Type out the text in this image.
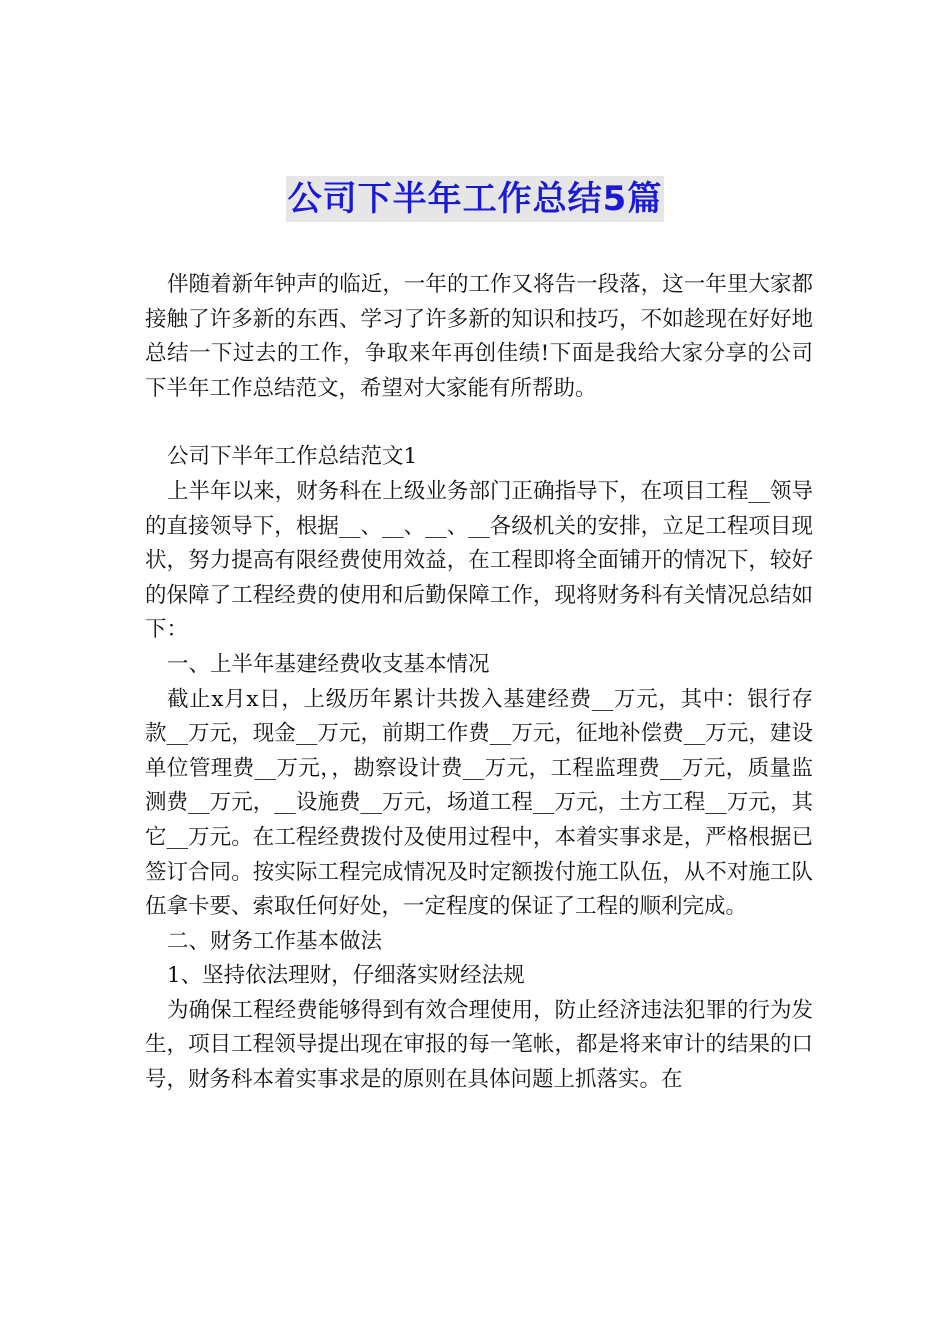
公司下半年工作总结5篇

伴随着新年钟声的临近，一年的工作又将告一段落，这一年里大家都接触了许多新的东西、学习了许多新的知识和技巧，不如趁现在好好地总结一下过去的工作，争取来年再创佳绩!下面是我给大家分享的公司下半年工作总结范文，希望对大家能有所帮助。

公司下半年工作总结范文1

上半年以来，财务科在上级业务部门正确指导下，在项目工程__领导的直接领导下，根据__、__、__、__各级机关的安排，立足工程项目现状，努力提高有限经费使用效益，在工程即将全面铺开的情况下，较好的保障了工程经费的使用和后勤保障工作，现将财务科有关情况总结如下：

一、上半年基建经费收支基本情况

截止x月x日，上级历年累计共拨入基建经费__万元，其中：银行存款__万元，现金__万元，前期工作费__万元，征地补偿费__万元，建设单位管理费__万元，，勘察设计费__万元，工程监理费__万元，质量监测费__万元，__设施费__万元，场道工程__万元，土方工程__万元，其它__万元。在工程经费拨付及使用过程中，本着实事求是，严格根据已签订合同。按实际工程完成情况及时定额拨付施工队伍，从不对施工队伍拿卡要、索取任何好处，一定程度的保证了工程的顺利完成。

二、财务工作基本做法

1、坚持依法理财，仔细落实财经法规

为确保工程经费能够得到有效合理使用，防止经济违法犯罪的行为发生，项目工程领导提出现在审报的每一笔帐，都是将来审计的结果的口号，财务科本着实事求是的原则在具体问题上抓落实。在
